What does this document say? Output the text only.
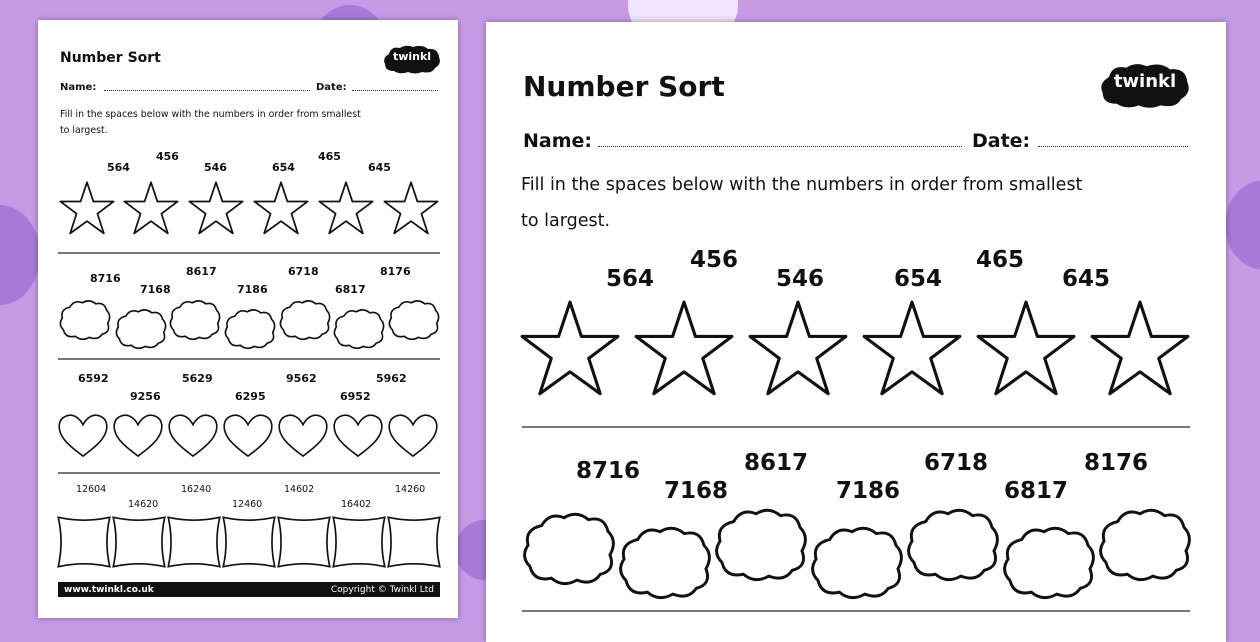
Number Sort	twinkl
Name:	Date:
Fill in the spaces below with the numbers in order from smallest
to largest.
564
456
546	654
465
645
8716
7168
8617
7186
6718
6817
8176
6592
9256
5629
6295
9562
6952
5962
12604
14620
16240
12460
14602
16402
14260
www.twinkl.co.uk	Copyright © Twinkl Ltd
Number Sort	twinkl
Name:	Date:
Fill in the spaces below with the numbers in order from smallest
to largest.
564
456
546	654
465
645
8716
7168
8617
7186
6718
6817
8176
